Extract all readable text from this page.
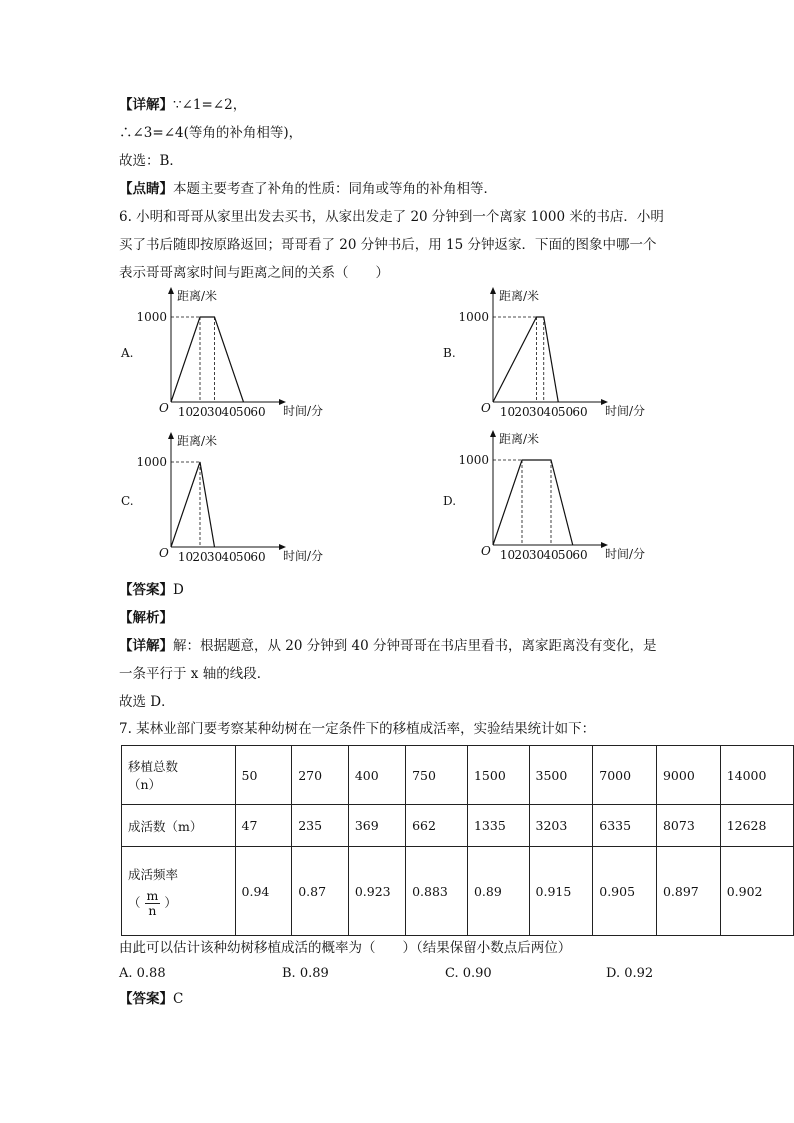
【详解】∵∠1=∠2，
∴∠3=∠4(等角的补角相等)，
故选：B．
【点睛】本题主要考查了补角的性质：同角或等角的补角相等．
6. 小明和哥哥从家里出发去买书，从家出发走了 20 分钟到一个离家 1000 米的书店．小明
买了书后随即按原路返回；哥哥看了 20 分钟书后，用 15 分钟返家．下面的图象中哪一个
表示哥哥离家时间与距离之间的关系（　　）
A.
距离/米
时间/分
O
1000
10 20 30 40 50 60
B.
距离/米
时间/分
O
1000
10 20 30 40 50 60
C.
距离/米
时间/分
O
1000
10 20 30 40 50 60
D.
距离/米
时间/分
O
1000
10 20 30 40 50 60
【答案】D
【解析】
【详解】解：根据题意，从 20 分钟到 40 分钟哥哥在书店里看书，离家距离没有变化，是
一条平行于 x 轴的线段．
故选 D．
7. 某林业部门要考察某种幼树在一定条件下的移植成活率，实验结果统计如下：
移植总数
（n）	50	270	400	750	1500	3500	7000	9000	14000
成活数（m）	47	235	369	662	1335	3203	6335	8073	12628

成活频率
（ $\frac{m}{n}$ ）	0.94	0.87	0.923	0.883	0.89	0.915	0.905	0.897	0.902
由此可以估计该种幼树移植成活的概率为（　　）（结果保留小数点后两位）
A. 0.88	B. 0.89	C. 0.90	D. 0.92
【答案】C
